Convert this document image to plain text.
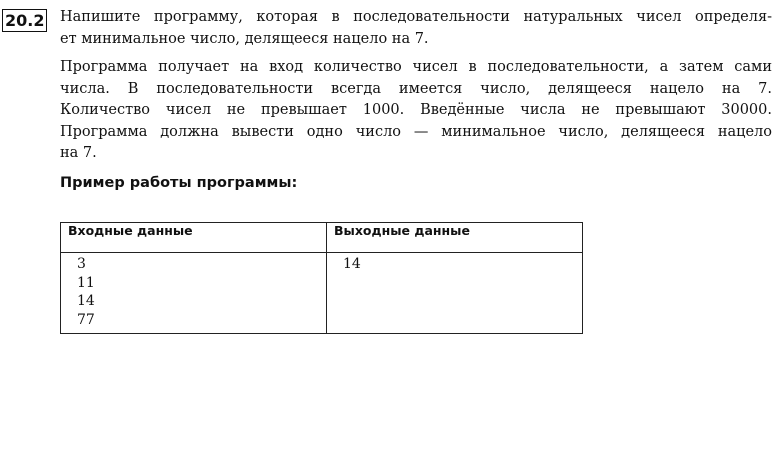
20.2 Напишите программу, которая в последовательности натуральных чисел определя-
ет минимальное число, делящееся нацело на 7.

Программа получает на вход количество чисел в последовательности, а затем сами
числа. В последовательности всегда имеется число, делящееся нацело на 7.
Количество чисел не превышает 1000. Введённые числа не превышают 30000.
Программа должна вывести одно число — минимальное число, делящееся нацело
на 7.

Пример работы программы:

Входные данные	Выходные данные

3
11
14
77	14
